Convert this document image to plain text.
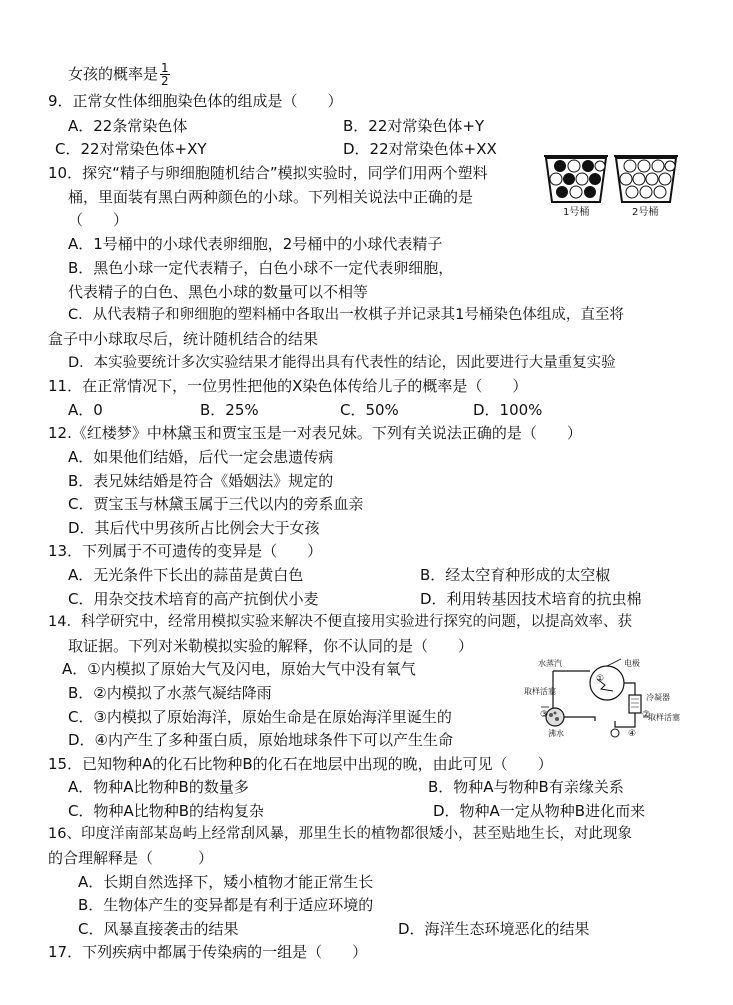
女孩的概率是 $\frac{1}{2}$
9．正常女性体细胞染色体的组成是（　　）
A．22条常染色体	B．22对常染色体+Y
C．22对常染色体+XY	D．22对常染色体+XX
10．探究“精子与卵细胞随机结合”模拟实验时，同学们用两个塑料
桶，里面装有黑白两种颜色的小球。下列相关说法中正确的是
（　　）	1号桶	2号桶
A．1号桶中的小球代表卵细胞，2号桶中的小球代表精子
B．黑色小球一定代表精子，白色小球不一定代表卵细胞，
代表精子的白色、黑色小球的数量可以不相等
C．从代表精子和卵细胞的塑料桶中各取出一枚棋子并记录其1号桶染色体组成，直至将
盒子中小球取尽后，统计随机结合的结果
D．本实验要统计多次实验结果才能得出具有代表性的结论，因此要进行大量重复实验
11．在正常情况下，一位男性把他的X染色体传给儿子的概率是（　　）
A．0	B．25%	C．50%	D．100%
12.《红楼梦》中林黛玉和贾宝玉是一对表兄妹。下列有关说法正确的是（　　）
A．如果他们结婚，后代一定会患遗传病
B．表兄妹结婚是符合《婚姻法》规定的
C．贾宝玉与林黛玉属于三代以内的旁系血亲
D．其后代中男孩所占比例会大于女孩
13．下列属于不可遗传的变异是（　　）
A．无光条件下长出的蒜苗是黄白色	B．经太空育种形成的太空椒
C．用杂交技术培育的高产抗倒伏小麦	D．利用转基因技术培育的抗虫棉
14．科学研究中，经常用模拟实验来解决不便直接用实验进行探究的问题，以提高效率、获
取证据。下列对米勒模拟实验的解释，你不认同的是（　　）
A．①内模拟了原始大气及闪电，原始大气中没有氧气
B．②内模拟了水蒸气凝结降雨
C．③内模拟了原始海洋，原始生命是在原始海洋里诞生的
D．④内产生了多种蛋白质，原始地球条件下可以产生生命
水蒸汽	电极
取样活塞
冷凝器
沸水
取样活塞
①
②
③
④
15．已知物种A的化石比物种B的化石在地层中出现的晚，由此可见（　　）
A．物种A比物种B的数量多	B．物种A与物种B有亲缘关系
C．物种A比物种B的结构复杂	D．物种A一定从物种B进化而来
16、印度洋南部某岛屿上经常刮风暴，那里生长的植物都很矮小，甚至贴地生长，对此现象
的合理解释是（　　　）
A．长期自然选择下，矮小植物才能正常生长
B．生物体产生的变异都是有利于适应环境的
C．风暴直接袭击的结果	D．海洋生态环境恶化的结果
17．下列疾病中都属于传染病的一组是（　　）
